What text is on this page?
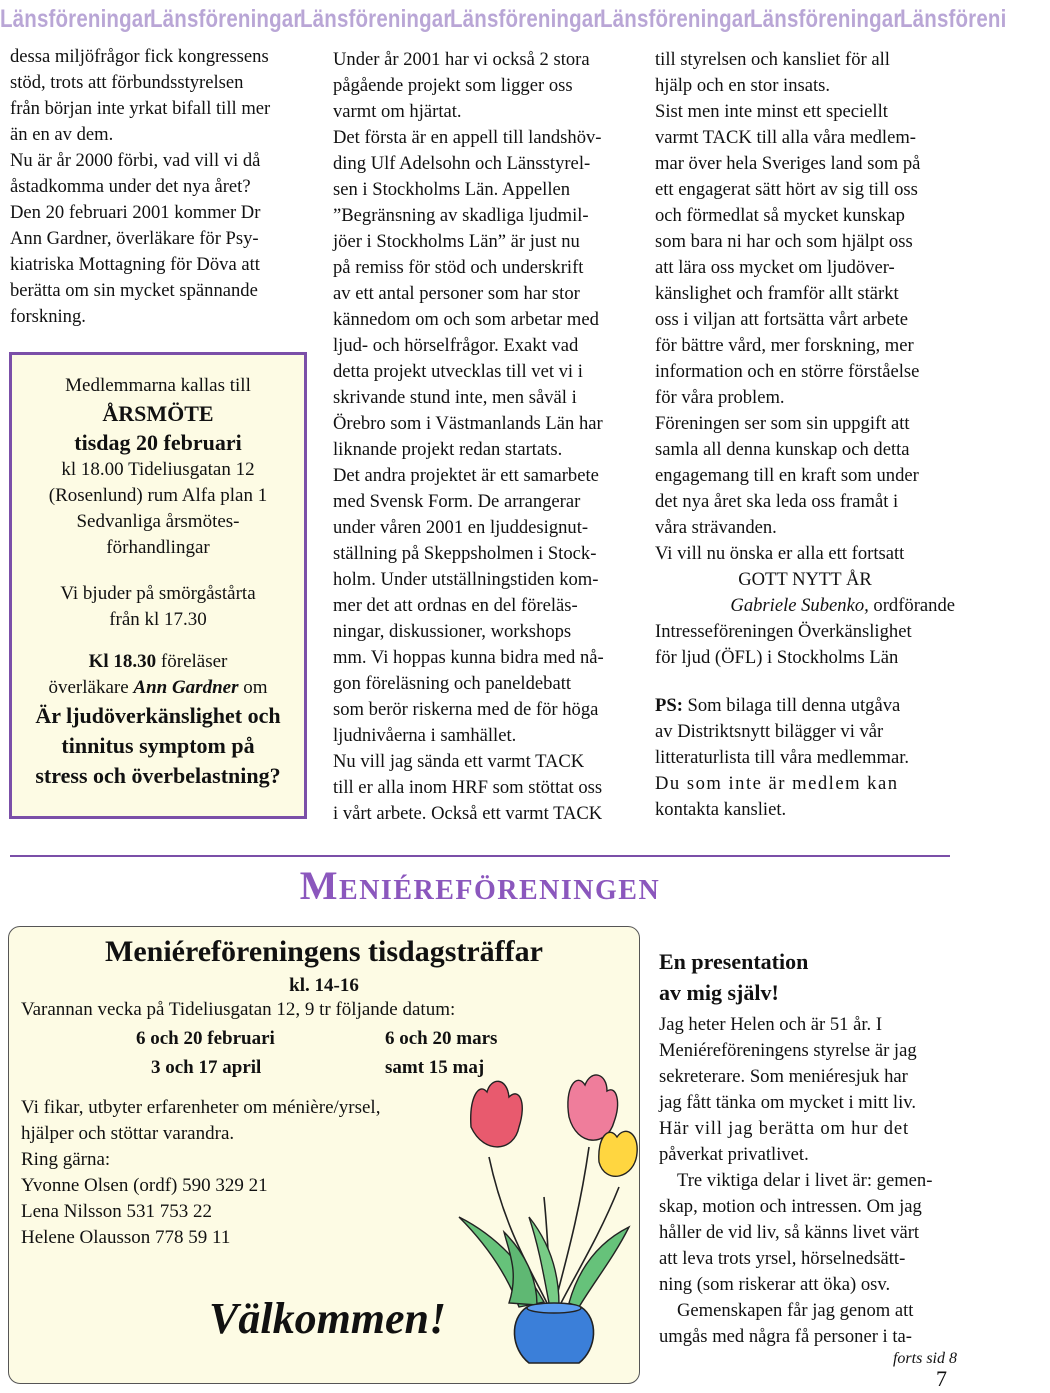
LänsföreningarLänsföreningarLänsföreningarLänsföreningarLänsföreningarLänsföreningarLänsföreni

dessa miljöfrågor fick kongressens

stöd, trots att förbundsstyrelsen

från början inte yrkat bifall till mer

än en av dem.

Nu är år 2000 förbi, vad vill vi då

åstadkomma under det nya året?

Den 20 februari 2001 kommer Dr

Ann Gardner, överläkare för Psy-

kiatriska Mottagning för Döva att

berätta om sin mycket spännande

forskning.

Medlemmarna kallas till
ÅRSMÖTE
tisdag 20 februari
kl 18.00 Tideliusgatan 12
(Rosenlund) rum Alfa plan 1
Sedvanliga årsmötes-
förhandlingar
Vi bjuder på smörgåstårta
från kl 17.30
Kl 18.30 föreläser
överläkare Ann Gardner om
Är ljudöverkänslighet och
tinnitus symptom på
stress och överbelastning?

Under år 2001 har vi också 2 stora

pågående projekt som ligger oss

varmt om hjärtat.

Det första är en appell till landshöv-

ding Ulf Adelsohn och Länsstyrel-

sen i Stockholms Län. Appellen

”Begränsning av skadliga ljudmil-

jöer i Stockholms Län” är just nu

på remiss för stöd och underskrift

av ett antal personer som har stor

kännedom om och som arbetar med

ljud- och hörselfrågor. Exakt vad

detta projekt utvecklas till vet vi i

skrivande stund inte, men såväl i

Örebro som i Västmanlands Län har

liknande projekt redan startats.

Det andra projektet är ett samarbete

med Svensk Form. De arrangerar

under våren 2001 en ljuddesignut-

ställning på Skeppsholmen i Stock-

holm. Under utställningstiden kom-

mer det att ordnas en del föreläs-

ningar, diskussioner, workshops

mm. Vi hoppas kunna bidra med nå-

gon föreläsning och paneldebatt

som berör riskerna med de för höga

ljudnivåerna i samhället.

Nu vill jag sända ett varmt TACK

till er alla inom HRF som stöttat oss

i vårt arbete. Också ett varmt TACK

till styrelsen och kansliet för all

hjälp och en stor insats.

Sist men inte minst ett speciellt

varmt TACK till alla våra medlem-

mar över hela Sveriges land som på

ett engagerat sätt hört av sig till oss

och förmedlat så mycket kunskap

som bara ni har och som hjälpt oss

att lära oss mycket om ljudöver-

känslighet och framför allt stärkt

oss i viljan att fortsätta vårt arbete

för bättre vård, mer forskning, mer

information och en större förståelse

för våra problem.

Föreningen ser som sin uppgift att

samla all denna kunskap och detta

engagemang till en kraft som under

det nya året ska leda oss framåt i

våra strävanden.

Vi vill nu önska er alla ett fortsatt

GOTT NYTT ÅR

Gabriele Subenko, ordförande

Intresseföreningen Överkänslighet

för ljud (ÖFL) i Stockholms Län

PS: Som bilaga till denna utgåva

av Distriktsnytt bilägger vi vår

litteraturlista till våra medlemmar.

Du som inte är medlem kan

kontakta kansliet.

Meniéreföreningen
Meniéreföreningens tisdagsträffar
kl. 14-16
Varannan vecka på Tideliusgatan 12, 9 tr följande datum:
6 och 20 februari	6 och 20 mars
3 och 17 april	samt 15 maj

Vi fikar, utbyter erfarenheter om ménière/yrsel,

hjälper och stöttar varandra.

Ring gärna:

Yvonne Olsen (ordf) 590 329 21

Lena Nilsson 531 753 22

Helene Olausson 778 59 11

Välkommen!
En presentation
av mig själv!

Jag heter Helen och är 51 år. I

Meniéreföreningens styrelse är jag

sekreterare. Som meniéresjuk har

jag fått tänka om mycket i mitt liv.

Här vill jag berätta om hur det

påverkat privatlivet.

Tre viktiga delar i livet är: gemen-

skap, motion och intressen. Om jag

håller de vid liv, så känns livet värt

att leva trots yrsel, hörselnedsätt-

ning (som riskerar att öka) osv.

Gemenskapen får jag genom att

umgås med några få personer i ta-

forts sid 8

7
